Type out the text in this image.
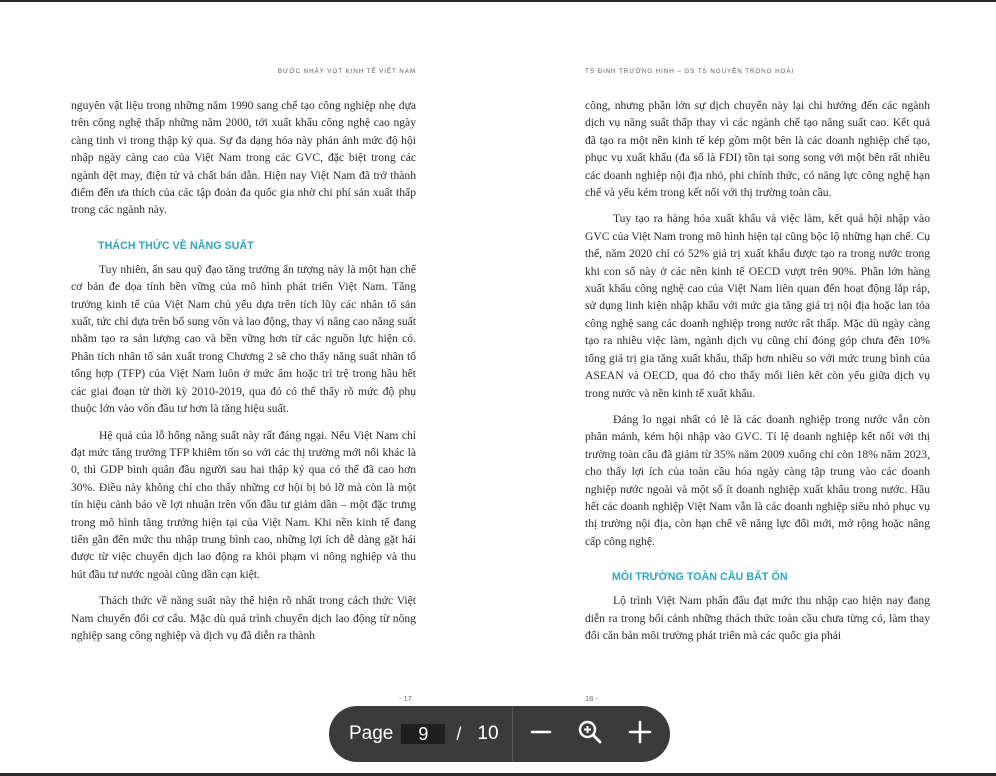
BƯỚC NHẢY VỌT KINH TẾ VIỆT NAM

nguyên vật liệu trong những năm 1990 sang chế tạo công nghiệp nhẹ dựa trên công nghệ thấp những năm 2000, tới xuất khẩu công nghệ cao ngày càng tinh vi trong thập kỷ qua. Sự đa dạng hóa này phản ánh mức độ hội nhập ngày càng cao của Việt Nam trong các GVC, đặc biệt trong các ngành dệt may, điện tử và chất bán dẫn. Hiện nay Việt Nam đã trở thành điểm đến ưa thích của các tập đoàn đa quốc gia nhờ chi phí sản xuất thấp trong các ngành này.

THÁCH THỨC VỀ NĂNG SUẤT

Tuy nhiên, ẩn sau quỹ đạo tăng trưởng ấn tượng này là một hạn chế cơ bản đe dọa tính bền vững của mô hình phát triển Việt Nam. Tăng trưởng kinh tế của Việt Nam chủ yếu dựa trên tích lũy các nhân tố sản xuất, tức chỉ dựa trên bổ sung vốn và lao động, thay vì nâng cao năng suất nhằm tạo ra sản lượng cao và bền vững hơn từ các nguồn lực hiện có. Phân tích nhân tố sản xuất trong Chương 2 sẽ cho thấy năng suất nhân tố tổng hợp (TFP) của Việt Nam luôn ở mức âm hoặc trì trệ trong hầu hết các giai đoạn từ thời kỳ 2010-2019, qua đó có thể thấy rõ mức độ phụ thuộc lớn vào vốn đầu tư hơn là tăng hiệu suất.

Hệ quả của lỗ hổng năng suất này rất đáng ngại. Nếu Việt Nam chỉ đạt mức tăng trưởng TFP khiêm tốn so với các thị trường mới nổi khác là 0, thì GDP bình quân đầu người sau hai thập kỷ qua có thể đã cao hơn 30%. Điều này không chỉ cho thấy những cơ hội bị bỏ lỡ mà còn là một tín hiệu cảnh báo về lợi nhuận trên vốn đầu tư giảm dần – một đặc trưng trong mô hình tăng trưởng hiện tại của Việt Nam. Khi nền kinh tế đang tiến gần đến mức thu nhập trung bình cao, những lợi ích dễ dàng gặt hái được từ việc chuyển dịch lao động ra khỏi phạm vi nông nghiệp và thu hút đầu tư nước ngoài cũng dần cạn kiệt.

Thách thức về năng suất này thể hiện rõ nhất trong cách thức Việt Nam chuyển đổi cơ cấu. Mặc dù quá trình chuyển dịch lao động từ nông nghiệp sang công nghiệp và dịch vụ đã diễn ra thành

- 17
TS ĐINH TRƯỜNG HINH – GS TS NGUYỄN TRỌNG HOÀI

công, nhưng phần lớn sự dịch chuyển này lại chỉ hướng đến các ngành dịch vụ năng suất thấp thay vì các ngành chế tạo năng suất cao. Kết quả đã tạo ra một nền kinh tế kép gồm một bên là các doanh nghiệp chế tạo, phục vụ xuất khẩu (đa số là FDI) tồn tại song song với một bên rất nhiều các doanh nghiệp nội địa nhỏ, phi chính thức, có năng lực công nghệ hạn chế và yếu kém trong kết nối với thị trường toàn cầu.

Tuy tạo ra hàng hóa xuất khẩu và việc làm, kết quả hội nhập vào GVC của Việt Nam trong mô hình hiện tại cũng bộc lộ những hạn chế. Cụ thể, năm 2020 chỉ có 52% giá trị xuất khẩu được tạo ra trong nước trong khi con số này ở các nền kinh tế OECD vượt trên 90%. Phần lớn hàng xuất khẩu công nghệ cao của Việt Nam liên quan đến hoạt động lắp ráp, sử dụng linh kiện nhập khẩu với mức gia tăng giá trị nội địa hoặc lan tỏa công nghệ sang các doanh nghiệp trong nước rất thấp. Mặc dù ngày càng tạo ra nhiều việc làm, ngành dịch vụ cũng chỉ đóng góp chưa đến 10% tổng giá trị gia tăng xuất khẩu, thấp hơn nhiều so với mức trung bình của ASEAN và OECD, qua đó cho thấy mối liên kết còn yếu giữa dịch vụ trong nước và nền kinh tế xuất khẩu.

Đáng lo ngại nhất có lẽ là các doanh nghiệp trong nước vẫn còn phân mảnh, kém hội nhập vào GVC. Tỉ lệ doanh nghiệp kết nối với thị trường toàn cầu đã giảm từ 35% năm 2009 xuống chỉ còn 18% năm 2023, cho thấy lợi ích của toàn cầu hóa ngày càng tập trung vào các doanh nghiệp nước ngoài và một số ít doanh nghiệp xuất khẩu trong nước. Hầu hết các doanh nghiệp Việt Nam vẫn là các doanh nghiệp siêu nhỏ phục vụ thị trường nội địa, còn hạn chế về năng lực đổi mới, mở rộng hoặc nâng cấp công nghệ.

MÔI TRƯỜNG TOÀN CẦU BẤT ỔN

Lộ trình Việt Nam phấn đấu đạt mức thu nhập cao hiện nay đang diễn ra trong bối cảnh những thách thức toàn cầu chưa từng có, làm thay đổi căn bản môi trường phát triển mà các quốc gia phải

18 -
Page
9	/ 10
